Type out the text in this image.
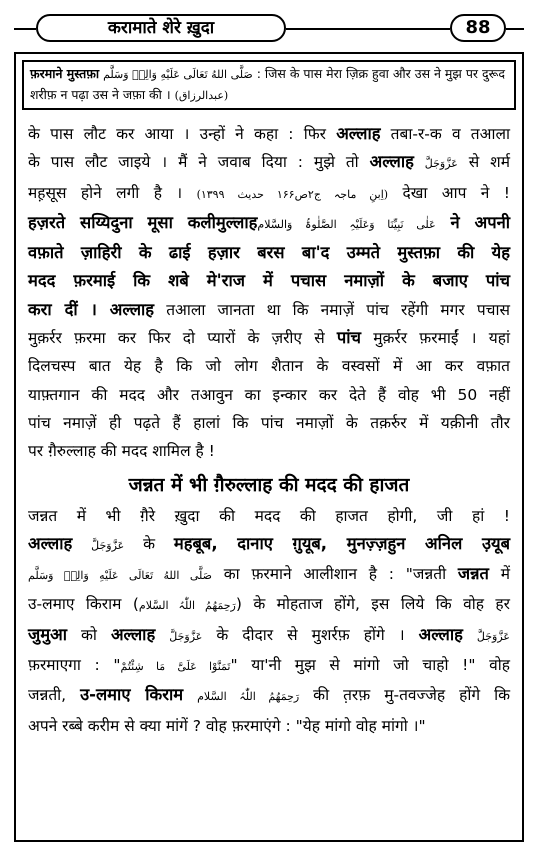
करामाते शेरे ख़ुदा	88
फ़रमाने मुस्तफ़ा صَلَّى اللهُ تَعَالَى عَلَيْهِ وَالِهٖ وَسَلَّم : जिस के पास मेरा ज़िक्र हुवा और उस ने मुझ पर दुरूद
शरीफ़ न पढ़ा उस ने जफ़ा की । (عبدالرزاق)

के पास लौट कर आया । उन्हों ने कहा : फिर अल्लाह तबा-र-क व तआला

के पास लौट जाइये । मैं ने जवाब दिया : मुझे तो अल्लाह عَزَّوَجَلَّ से शर्म

मह़सूस होने लगी है । (اِبنِ ماجہ ج۲ص۱۶۶ حدیث ۱۳۹۹) देखा आप ने !

हज़रते सय्यिदुना मूसा कलीमुल्लाहعَلٰی نَبِیِّنَا وَعَلَیْہِ الصَّلٰوۃُ وَالسَّلام ने अपनी

वफ़ाते ज़ाहिरी के ढाई हज़ार बरस बा'द उम्मते मुस्तफ़ा की येह

मदद फ़रमाई कि शबे मे'राज में पचास नमाज़ों के बजाए पांच

करा दीं । अल्लाह तआला जानता था कि नमाज़ें पांच रहेंगी मगर पचास

मुक़र्रर फ़रमा कर फिर दो प्यारों के ज़रीए से पांच मुक़र्रर फ़रमाईं । यहां

दिलचस्प बात येह है कि जो लोग शैतान के वस्वसों में आ कर वफ़ात

याफ़्तगान की मदद और तआवुन का इन्कार कर देते हैं वोह भी 50 नहीं

पांच नमाज़ें ही पढ़ते हैं हालां कि पांच नमाज़ों के तक़र्रुर में यक़ीनी तौर

पर ग़ैरुल्लाह की मदद शामिल है !

जन्नत में भी ग़ैरुल्लाह की मदद की हाजत

जन्नत में भी ग़ैरे ख़ुदा की मदद की हाजत होगी, जी हां !

अल्लाह عَزَّوَجَلَّ के महबूब, दानाए ग़ुयूब, मुनज़्ज़हुन अनिल उ़यूब

صَلَّى اللهُ تَعَالَى عَلَيْهِ وَالِهٖ وَسَلَّم का फ़रमाने आलीशान है : "जन्नती जन्नत में

उ-लमाए किराम (رَحِمَهُمُ اللّٰہُ السَّلام) के मोहताज होंगे, इस लिये कि वोह हर

जुमुआ को अल्लाह عَزَّوَجَلَّ के दीदार से मुशर्रफ़ होंगे । अल्लाह عَزَّوَجَلَّ

फ़रमाएगा : "تَمَنَّوْا عَلَیَّ مَا شِئْتُمْ" या'नी मुझ से मांगो जो चाहो !" वोह

जन्नती, उ-लमाए किराम رَحِمَهُمُ اللّٰہُ السَّلام की त़रफ़ मु-तवज्जेह होंगे कि

अपने रब्बे करीम से क्या मांगें ? वोह फ़रमाएंगे : "येह मांगो वोह मांगो ।"
